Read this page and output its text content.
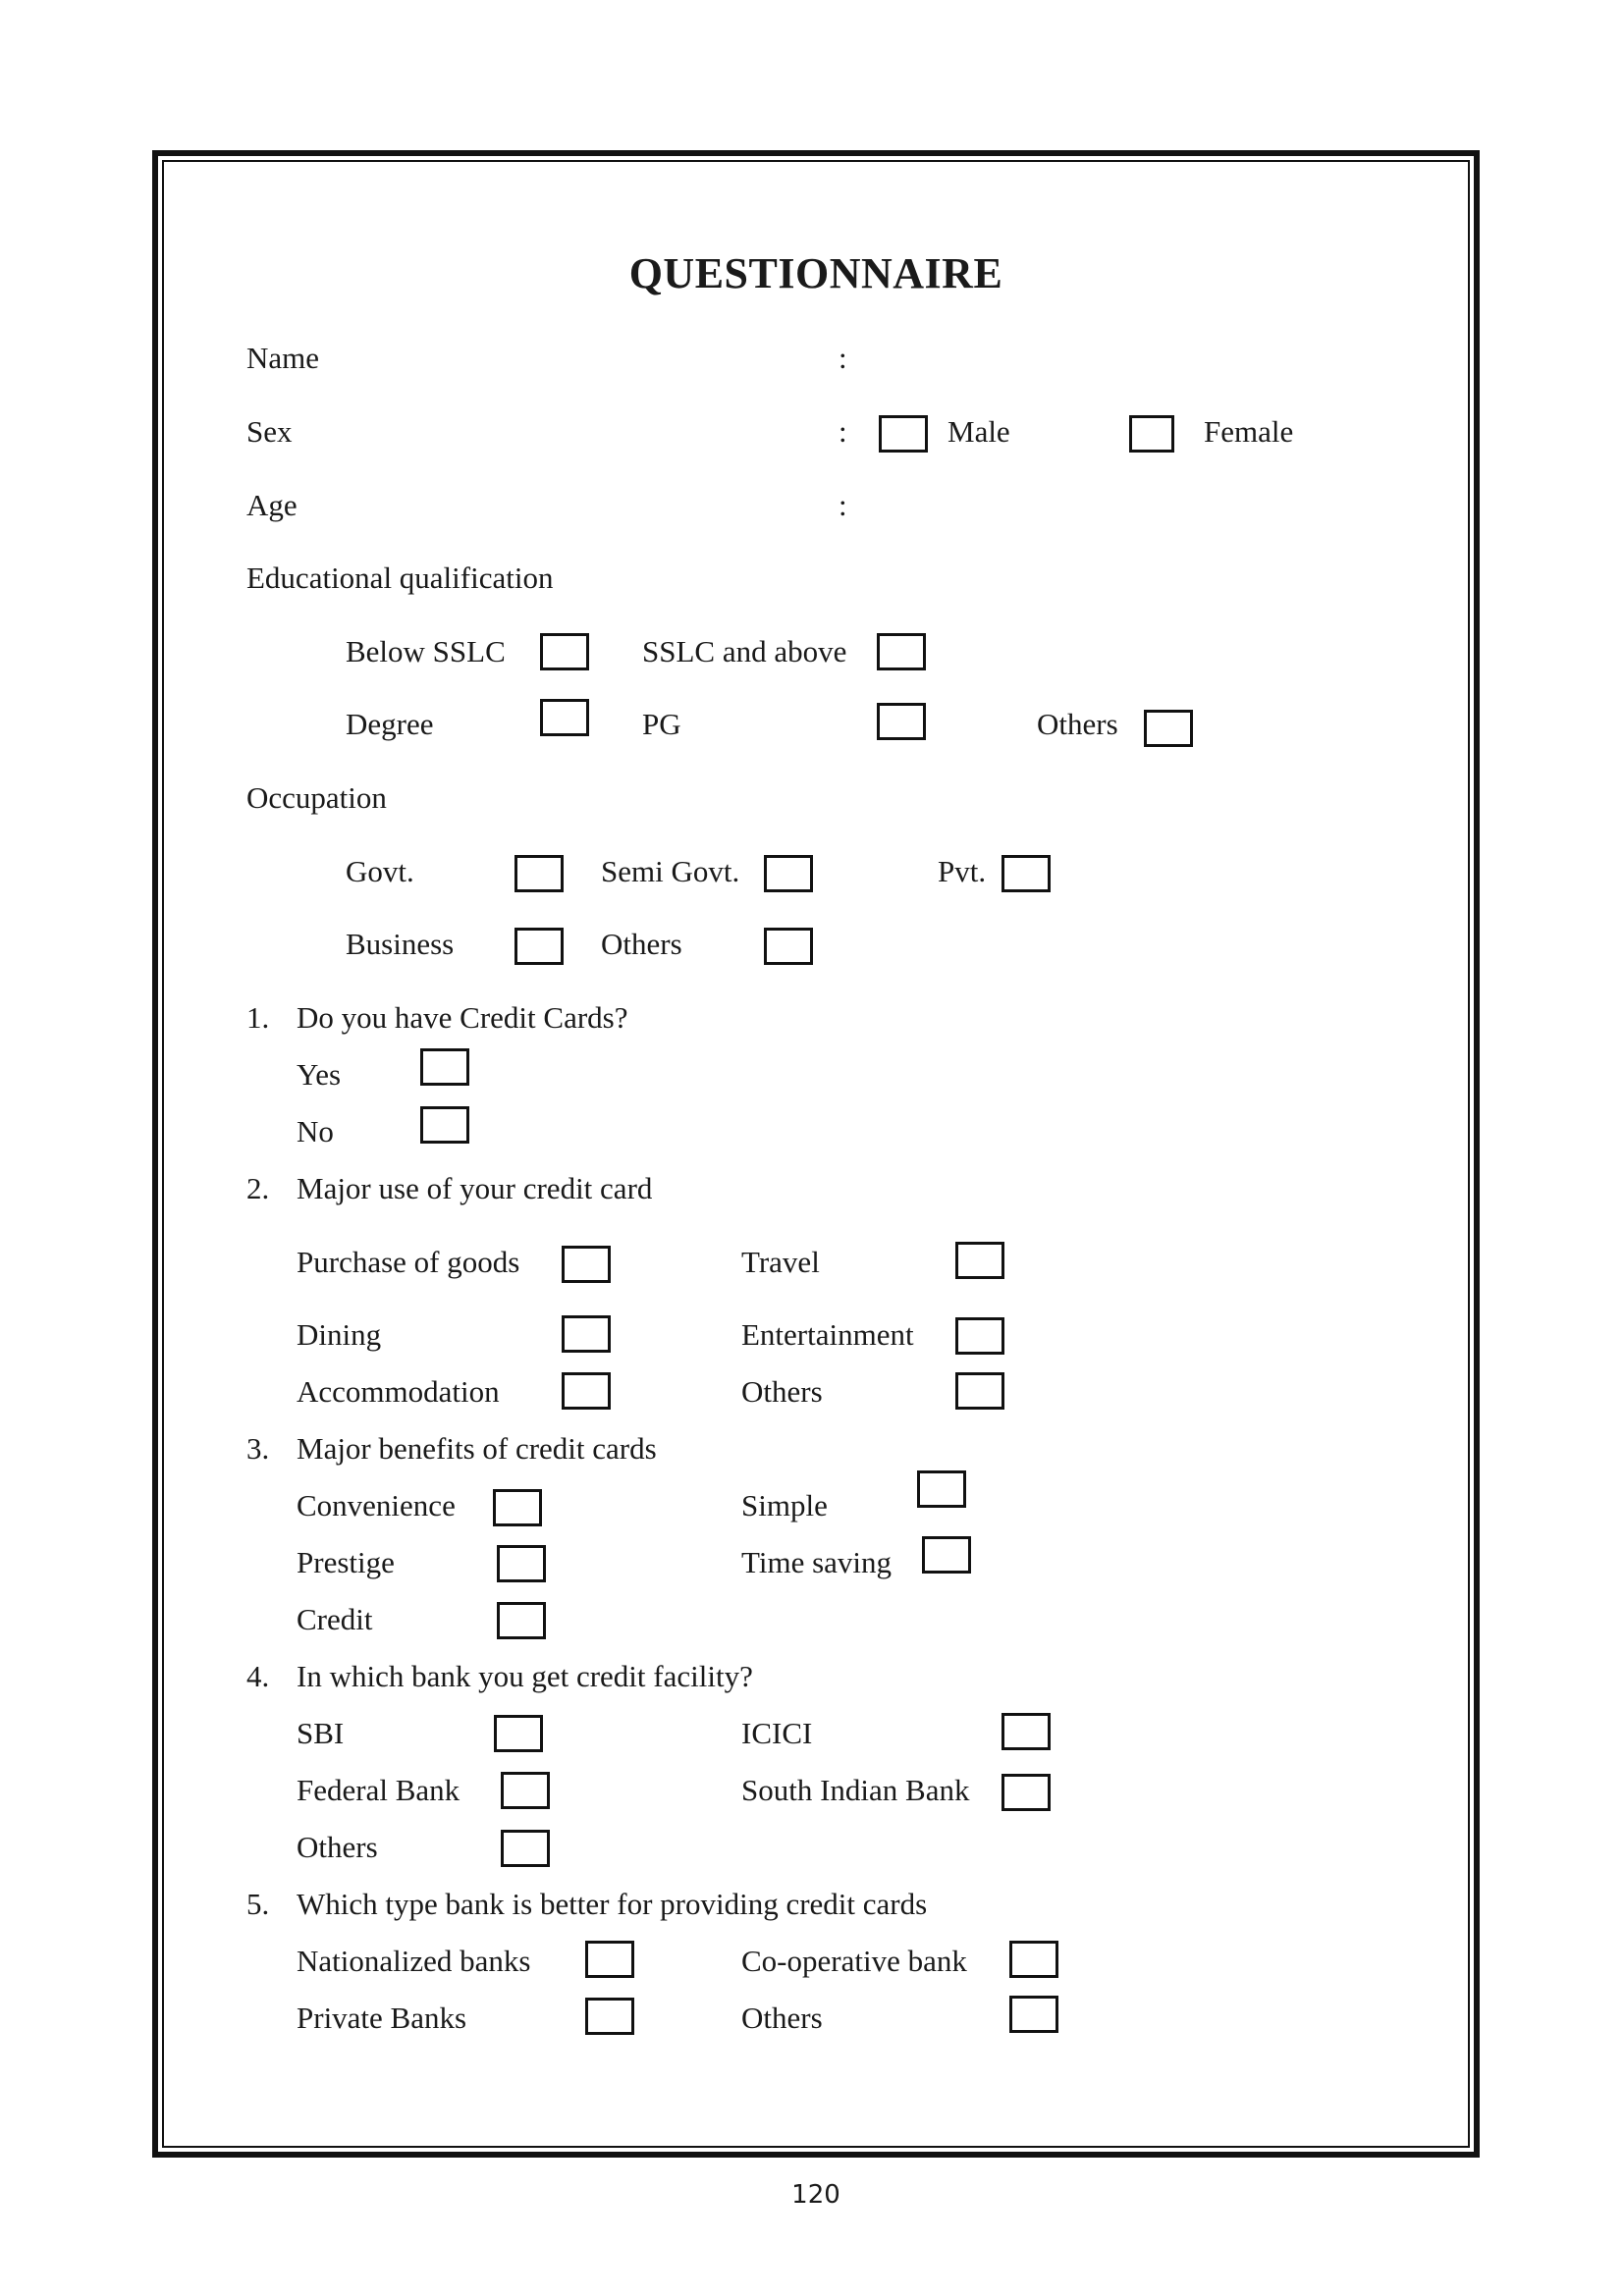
QUESTIONNAIRE
Name	:
Sex	:	Male	Female
Age	:
Educational qualification
Below SSLC	SSLC and above
Degree	PG	Others
Occupation
Govt.	Semi Govt.	Pvt.
Business	Others
1. Do you have Credit Cards?
Yes
No
2. Major use of your credit card
Purchase of goods	Travel
Dining	Entertainment
Accommodation	Others
3. Major benefits of credit cards
Convenience	Simple
Prestige	Time saving
Credit
4. In which bank you get credit facility?
SBI	ICICI
Federal Bank	South Indian Bank
Others
5. Which type bank is better for providing credit cards
Nationalized banks	Co-operative bank
Private Banks	Others
120
